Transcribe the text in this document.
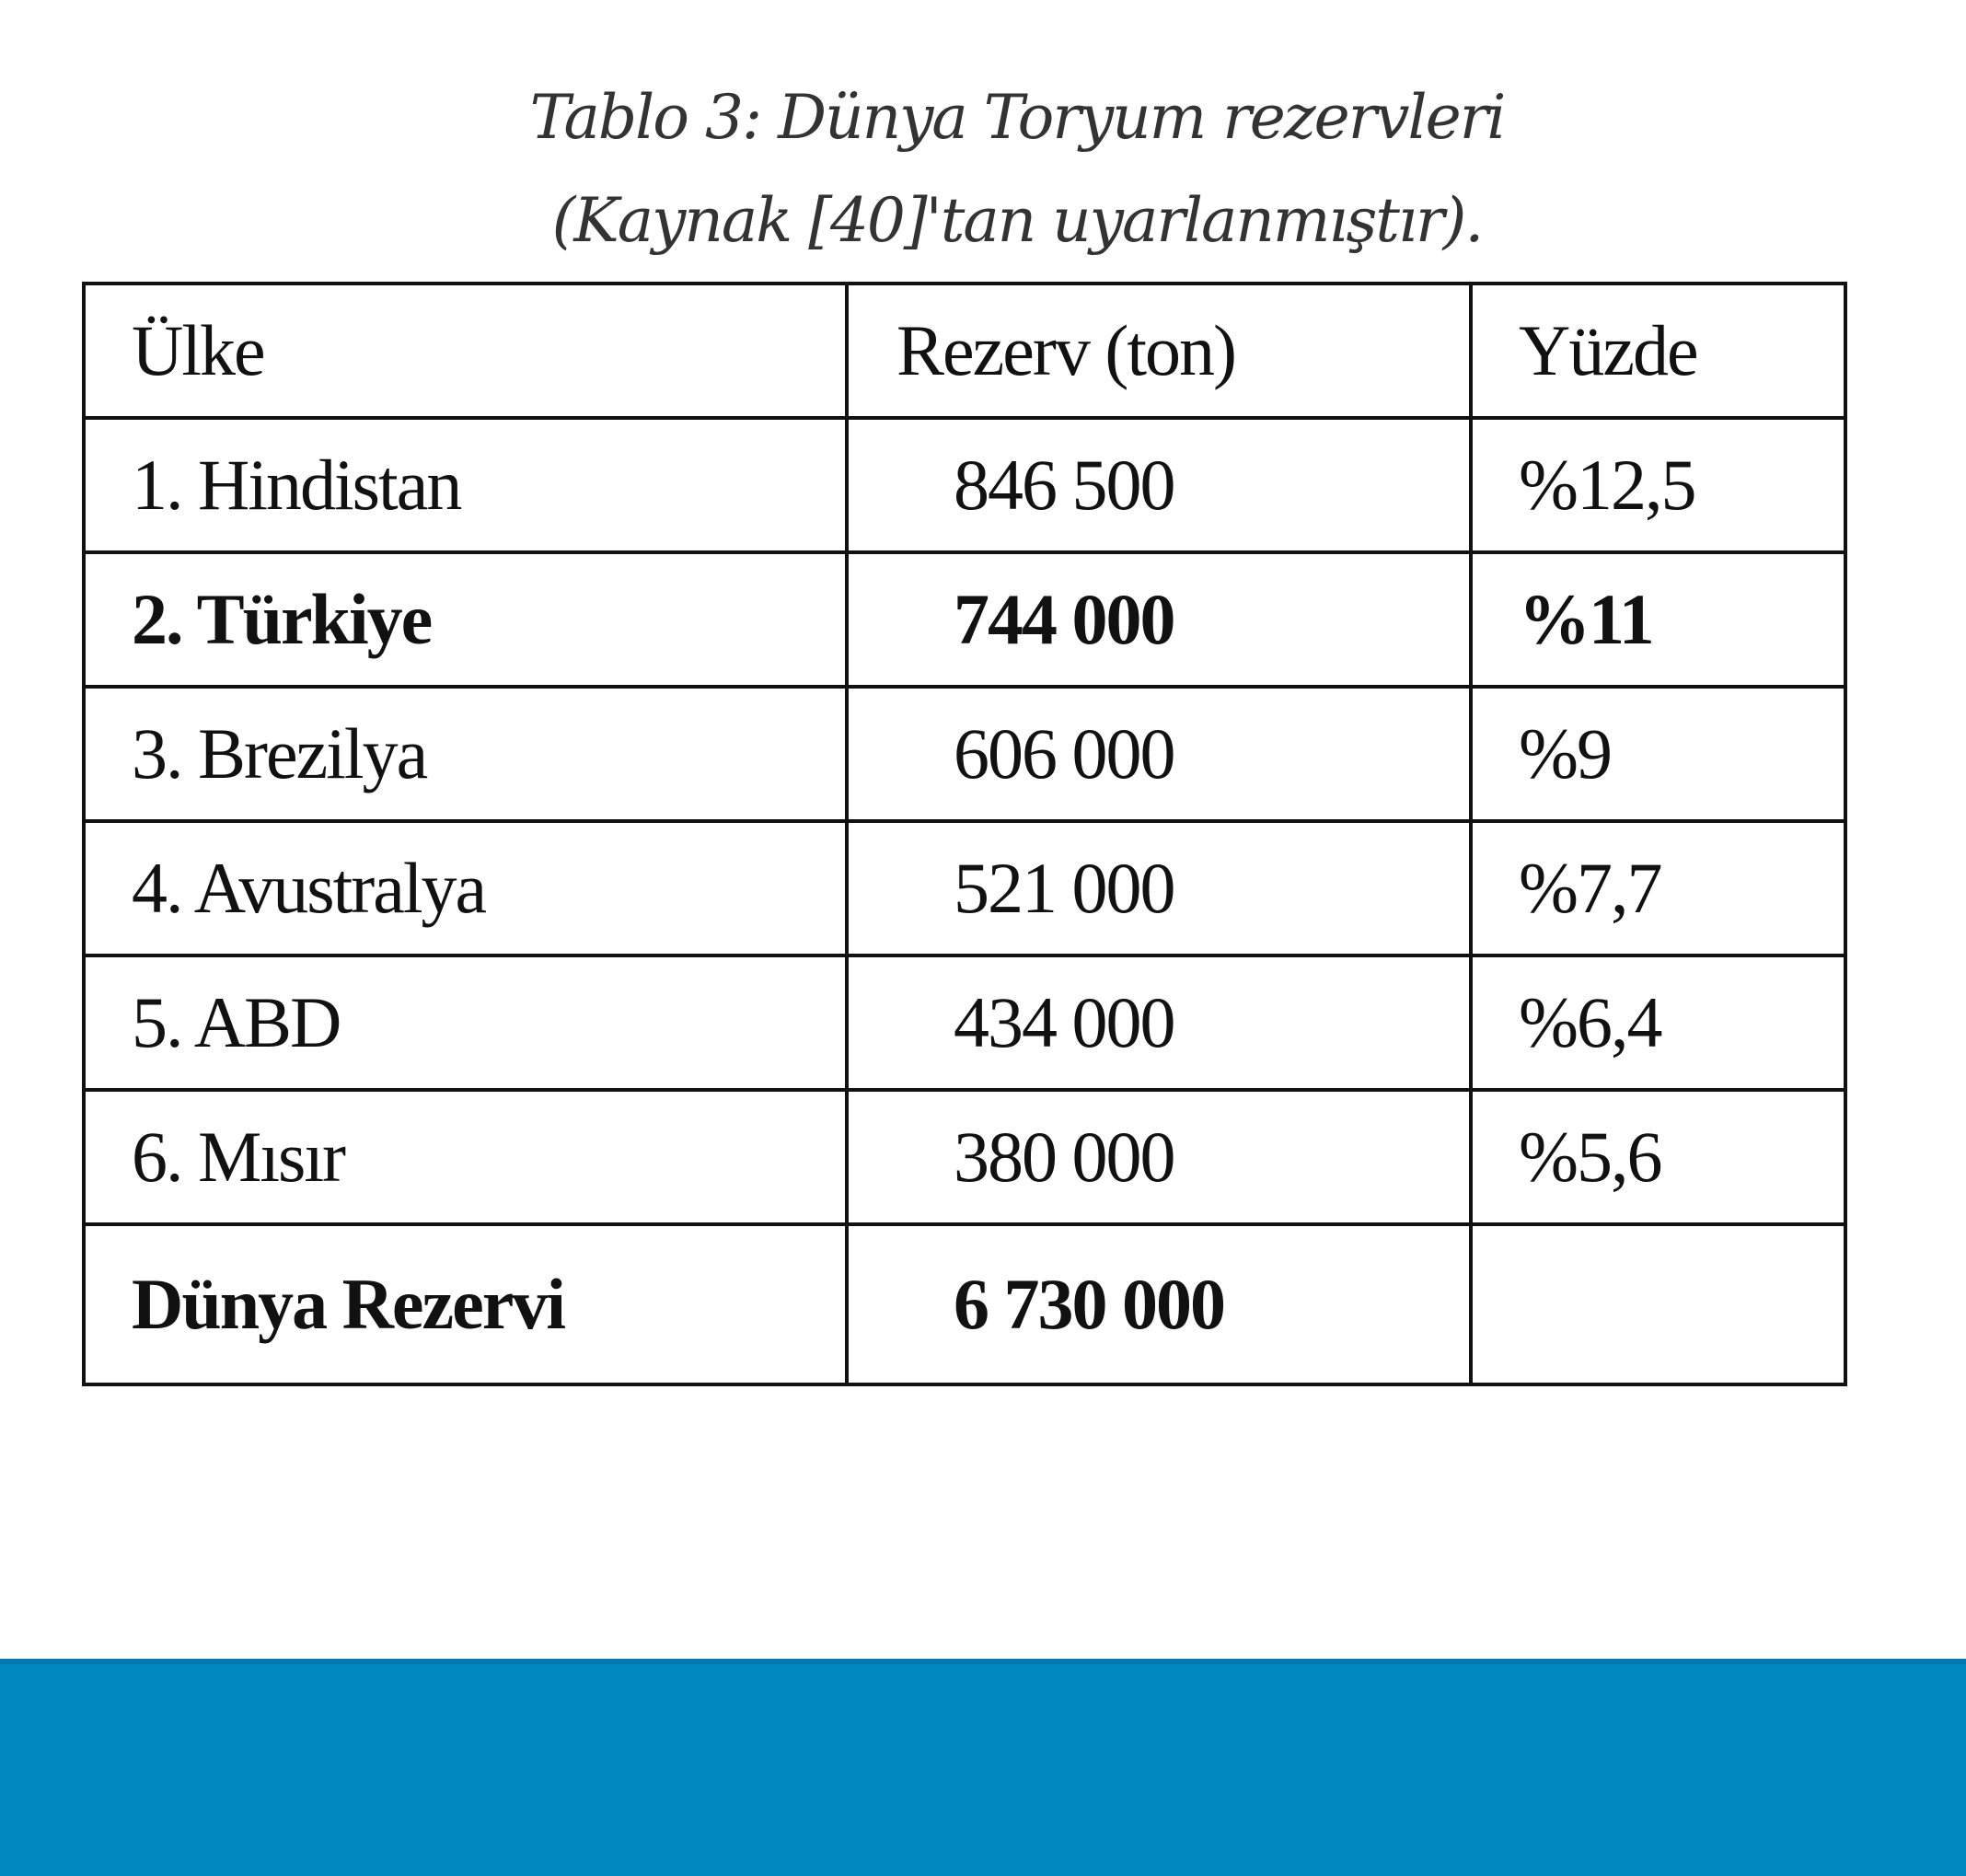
Tablo 3: Dünya Toryum rezervleri
(Kaynak [40]'tan uyarlanmıştır).
Ülke	Rezerv (ton)	Yüzde
1. Hindistan	846 500	%12,5
2. Türkiye	744 000	%11
3. Brezilya	606 000	%9
4. Avustralya	521 000	%7,7
5. ABD	434 000	%6,4
6. Mısır	380 000	%5,6
Dünya Rezervi	6 730 000	
